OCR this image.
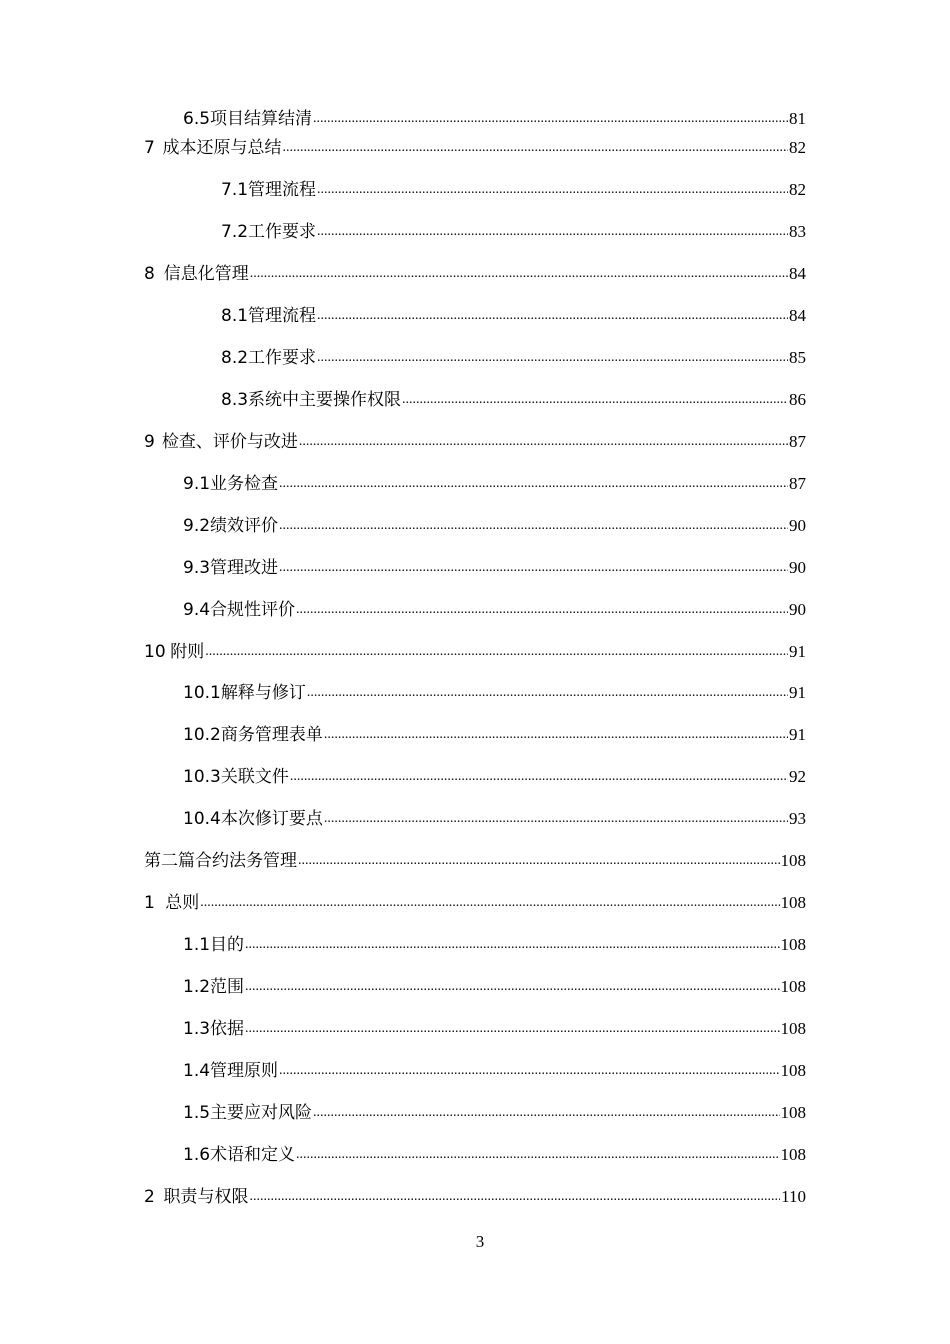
6.5 项目结算结清 .....	81
7 成本还原与总结 .....	82
7.1 管理流程 .....	82
7.2 工作要求 .....	83
8 信息化管理 .....	84
8.1 管理流程 .....	84
8.2 工作要求 .....	85
8.3 系统中主要操作权限 .....	86
9 检查、评价与改进 .....	87
9.1 业务检查 .....	87
9.2 绩效评价 .....	90
9.3 管理改进 .....	90
9.4 合规性评价 .....	90
10 附则 .....	91
10.1 解释与修订 .....	91
10.2 商务管理表单 .....	91
10.3 关联文件 .....	92
10.4 本次修订要点 .....	93
第二篇 合约法务管理 .....	108
1 总则 .....	108
1.1 目的 .....	108
1.2 范围 .....	108
1.3 依据 .....	108
1.4 管理原则 .....	108
1.5 主要应对风险 .....	108
1.6 术语和定义 .....	108
2 职责与权限 .....	110
3
